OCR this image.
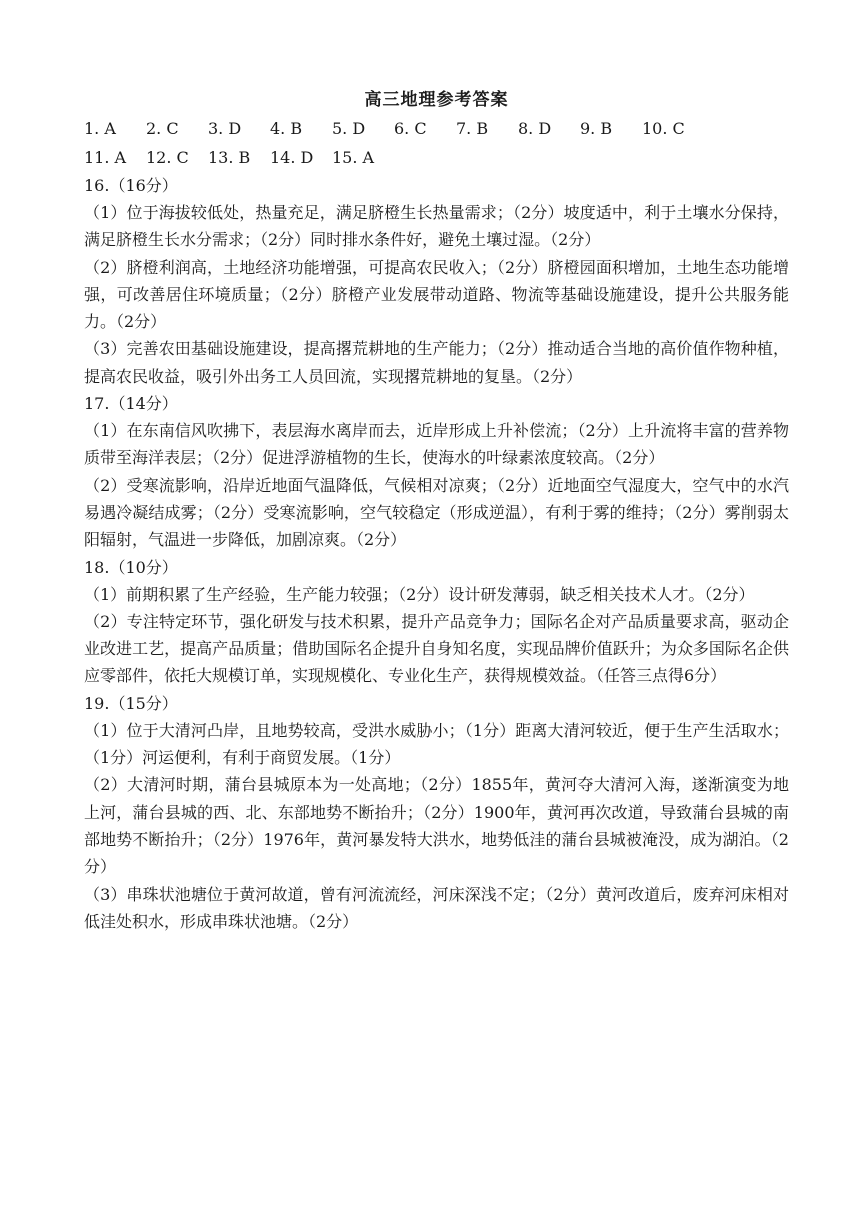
高三地理参考答案
1. A	2. C	3. D	4. B	5. D	6. C	7. B	8. D	9. B	10. C
11. A	12. C	13. B	14. D	15. A
16.（16分）

（1）位于海拔较低处，热量充足，满足脐橙生长热量需求；（2分）坡度适中，利于土壤水分保持，满足脐橙生长水分需求；（2分）同时排水条件好，避免土壤过湿。（2分）

（2）脐橙利润高，土地经济功能增强，可提高农民收入；（2分）脐橙园面积增加，土地生态功能增强，可改善居住环境质量；（2分）脐橙产业发展带动道路、物流等基础设施建设，提升公共服务能力。（2分）

（3）完善农田基础设施建设，提高撂荒耕地的生产能力；（2分）推动适合当地的高价值作物种植，提高农民收益，吸引外出务工人员回流，实现撂荒耕地的复垦。（2分）

17.（14分）

（1）在东南信风吹拂下，表层海水离岸而去，近岸形成上升补偿流；（2分）上升流将丰富的营养物质带至海洋表层；（2分）促进浮游植物的生长，使海水的叶绿素浓度较高。（2分）

（2）受寒流影响，沿岸近地面气温降低，气候相对凉爽；（2分）近地面空气湿度大，空气中的水汽易遇冷凝结成雾；（2分）受寒流影响，空气较稳定（形成逆温），有利于雾的维持；（2分）雾削弱太阳辐射，气温进一步降低，加剧凉爽。（2分）

18.（10分）

（1）前期积累了生产经验，生产能力较强；（2分）设计研发薄弱，缺乏相关技术人才。（2分）

（2）专注特定环节，强化研发与技术积累，提升产品竞争力；国际名企对产品质量要求高，驱动企业改进工艺，提高产品质量；借助国际名企提升自身知名度，实现品牌价值跃升；为众多国际名企供应零部件，依托大规模订单，实现规模化、专业化生产，获得规模效益。（任答三点得6分）

19.（15分）

（1）位于大清河凸岸，且地势较高，受洪水威胁小；（1分）距离大清河较近，便于生产生活取水；（1分）河运便利，有利于商贸发展。（1分）

（2）大清河时期，蒲台县城原本为一处高地；（2分）1855年，黄河夺大清河入海，遂渐演变为地上河，蒲台县城的西、北、东部地势不断抬升；（2分）1900年，黄河再次改道，导致蒲台县城的南部地势不断抬升；（2分）1976年，黄河暴发特大洪水，地势低洼的蒲台县城被淹没，成为湖泊。（2分）

（3）串珠状池塘位于黄河故道，曾有河流流经，河床深浅不定；（2分）黄河改道后，废弃河床相对低洼处积水，形成串珠状池塘。（2分）
